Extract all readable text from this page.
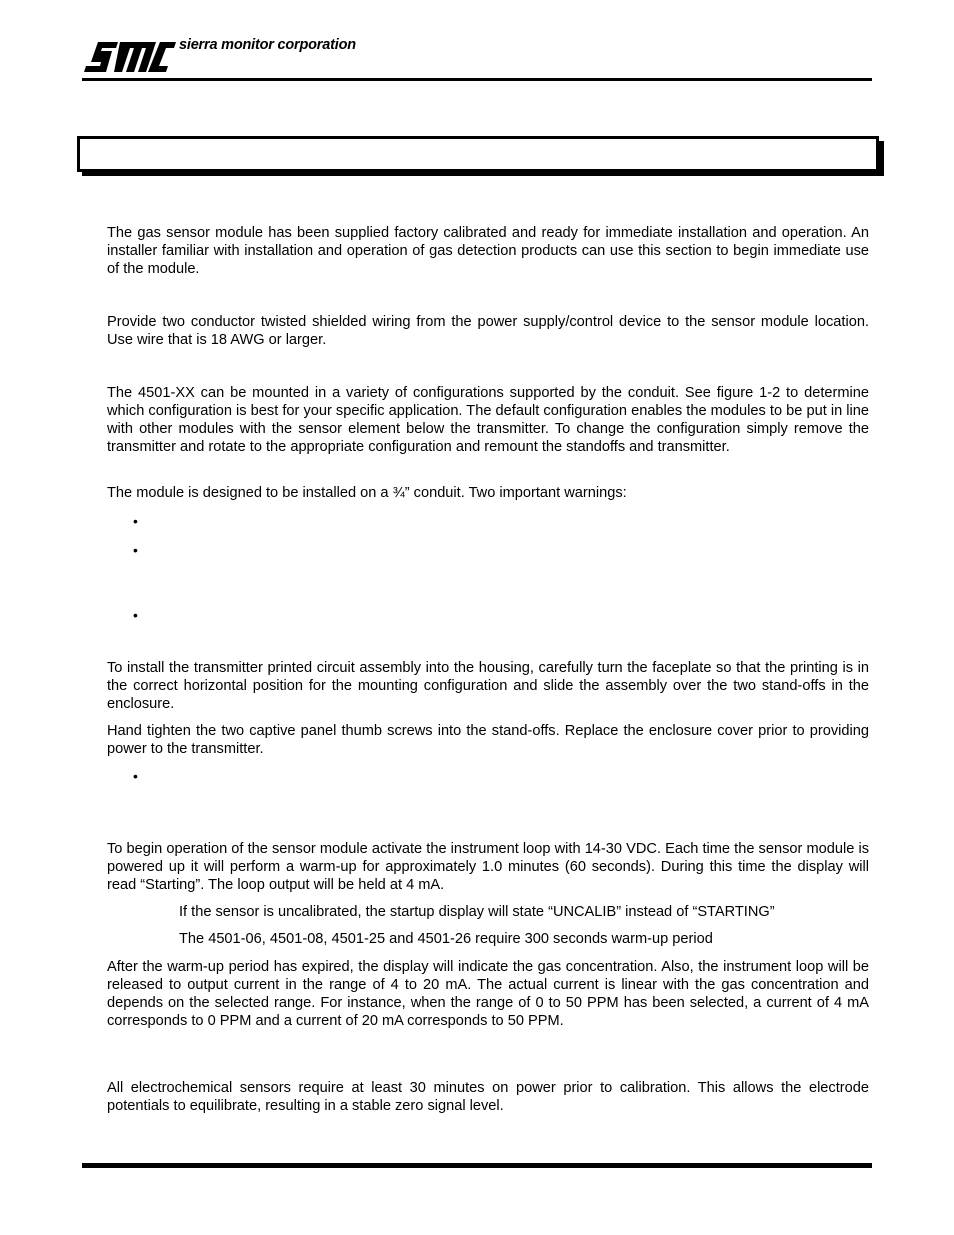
sierra monitor corporation
The gas sensor module has been supplied factory calibrated and ready for immediate installation and operation. An installer familiar with installation and operation of gas detection products can use this section to begin immediate use of the module.
Provide two conductor twisted shielded wiring from the power supply/control device to the sensor module location. Use wire that is 18 AWG or larger.
The 4501-XX can be mounted in a variety of configurations supported by the conduit. See figure 1-2 to determine which configuration is best for your specific application. The default configuration enables the modules to be put in line with other modules with the sensor element below the transmitter. To change the configuration simply remove the transmitter and rotate to the appropriate configuration and remount the standoffs and transmitter.
The module is designed to be installed on a ¾” conduit. Two important warnings:
•
•
•
To install the transmitter printed circuit assembly into the housing, carefully turn the faceplate so that the printing is in the correct horizontal position for the mounting configuration and slide the assembly over the two stand-offs in the enclosure.
Hand tighten the two captive panel thumb screws into the stand-offs. Replace the enclosure cover prior to providing power to the transmitter.
•
To begin operation of the sensor module activate the instrument loop with 14-30 VDC. Each time the sensor module is powered up it will perform a warm-up for approximately 1.0 minutes (60 seconds). During this time the display will read “Starting”. The loop output will be held at 4 mA.
If the sensor is uncalibrated, the startup display will state “UNCALIB” instead of “STARTING”
The 4501-06, 4501-08, 4501-25 and 4501-26 require 300 seconds warm-up period
After the warm-up period has expired, the display will indicate the gas concentration. Also, the instrument loop will be released to output current in the range of 4 to 20 mA. The actual current is linear with the gas concentration and depends on the selected range. For instance, when the range of 0 to 50 PPM has been selected, a current of 4 mA corresponds to 0 PPM and a current of 20 mA corresponds to 50 PPM.
All electrochemical sensors require at least 30 minutes on power prior to calibration. This allows the electrode potentials to equilibrate, resulting in a stable zero signal level.
